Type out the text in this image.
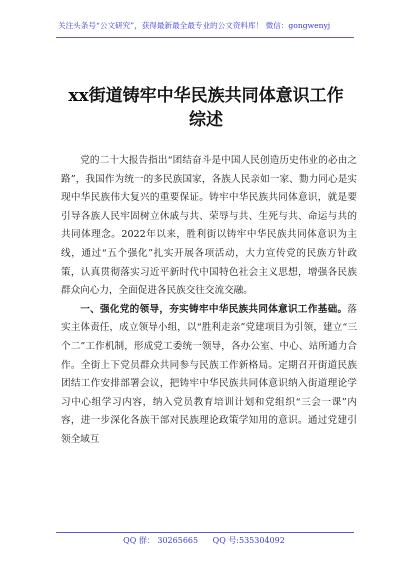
关注头条号“公文研究”，获得最新最全最专业的公文资料库！ 微信：gongwenyj
xx街道铸牢中华民族共同体意识工作综述

党的二十大报告指出“团结奋斗是中国人民创造历史伟业的必由之路”，我国作为统一的多民族国家，各族人民亲如一家、勠力同心是实现中华民族伟大复兴的重要保证。铸牢中华民族共同体意识，就是要引导各族人民牢固树立休戚与共、荣辱与共、生死与共、命运与共的共同体理念。2022年以来，胜利街以铸牢中华民族共同体意识为主线，通过“五个强化”扎实开展各项活动，大力宣传党的民族方针政策，认真贯彻落实习近平新时代中国特色社会主义思想，增强各民族群众向心力，全面促进各民族交往交流交融。

一、强化党的领导，夯实铸牢中华民族共同体意识工作基础。落实主体责任，成立领导小组，以“胜利走亲”党建项目为引领，建立“三个二”工作机制，形成党工委统一领导，各办公室、中心、站所通力合作。全街上下党员群众共同参与民族工作新格局。定期召开街道民族团结工作安排部署会议，把铸牢中华民族共同体意识纳入街道理论学习中心组学习内容，纳入党员教育培训计划和党组织“三会一课”内容，进一步深化各族干部对民族理论政策学知用的意识。通过党建引领全域互

QQ 群： 30265665 QQ 号:535304092
